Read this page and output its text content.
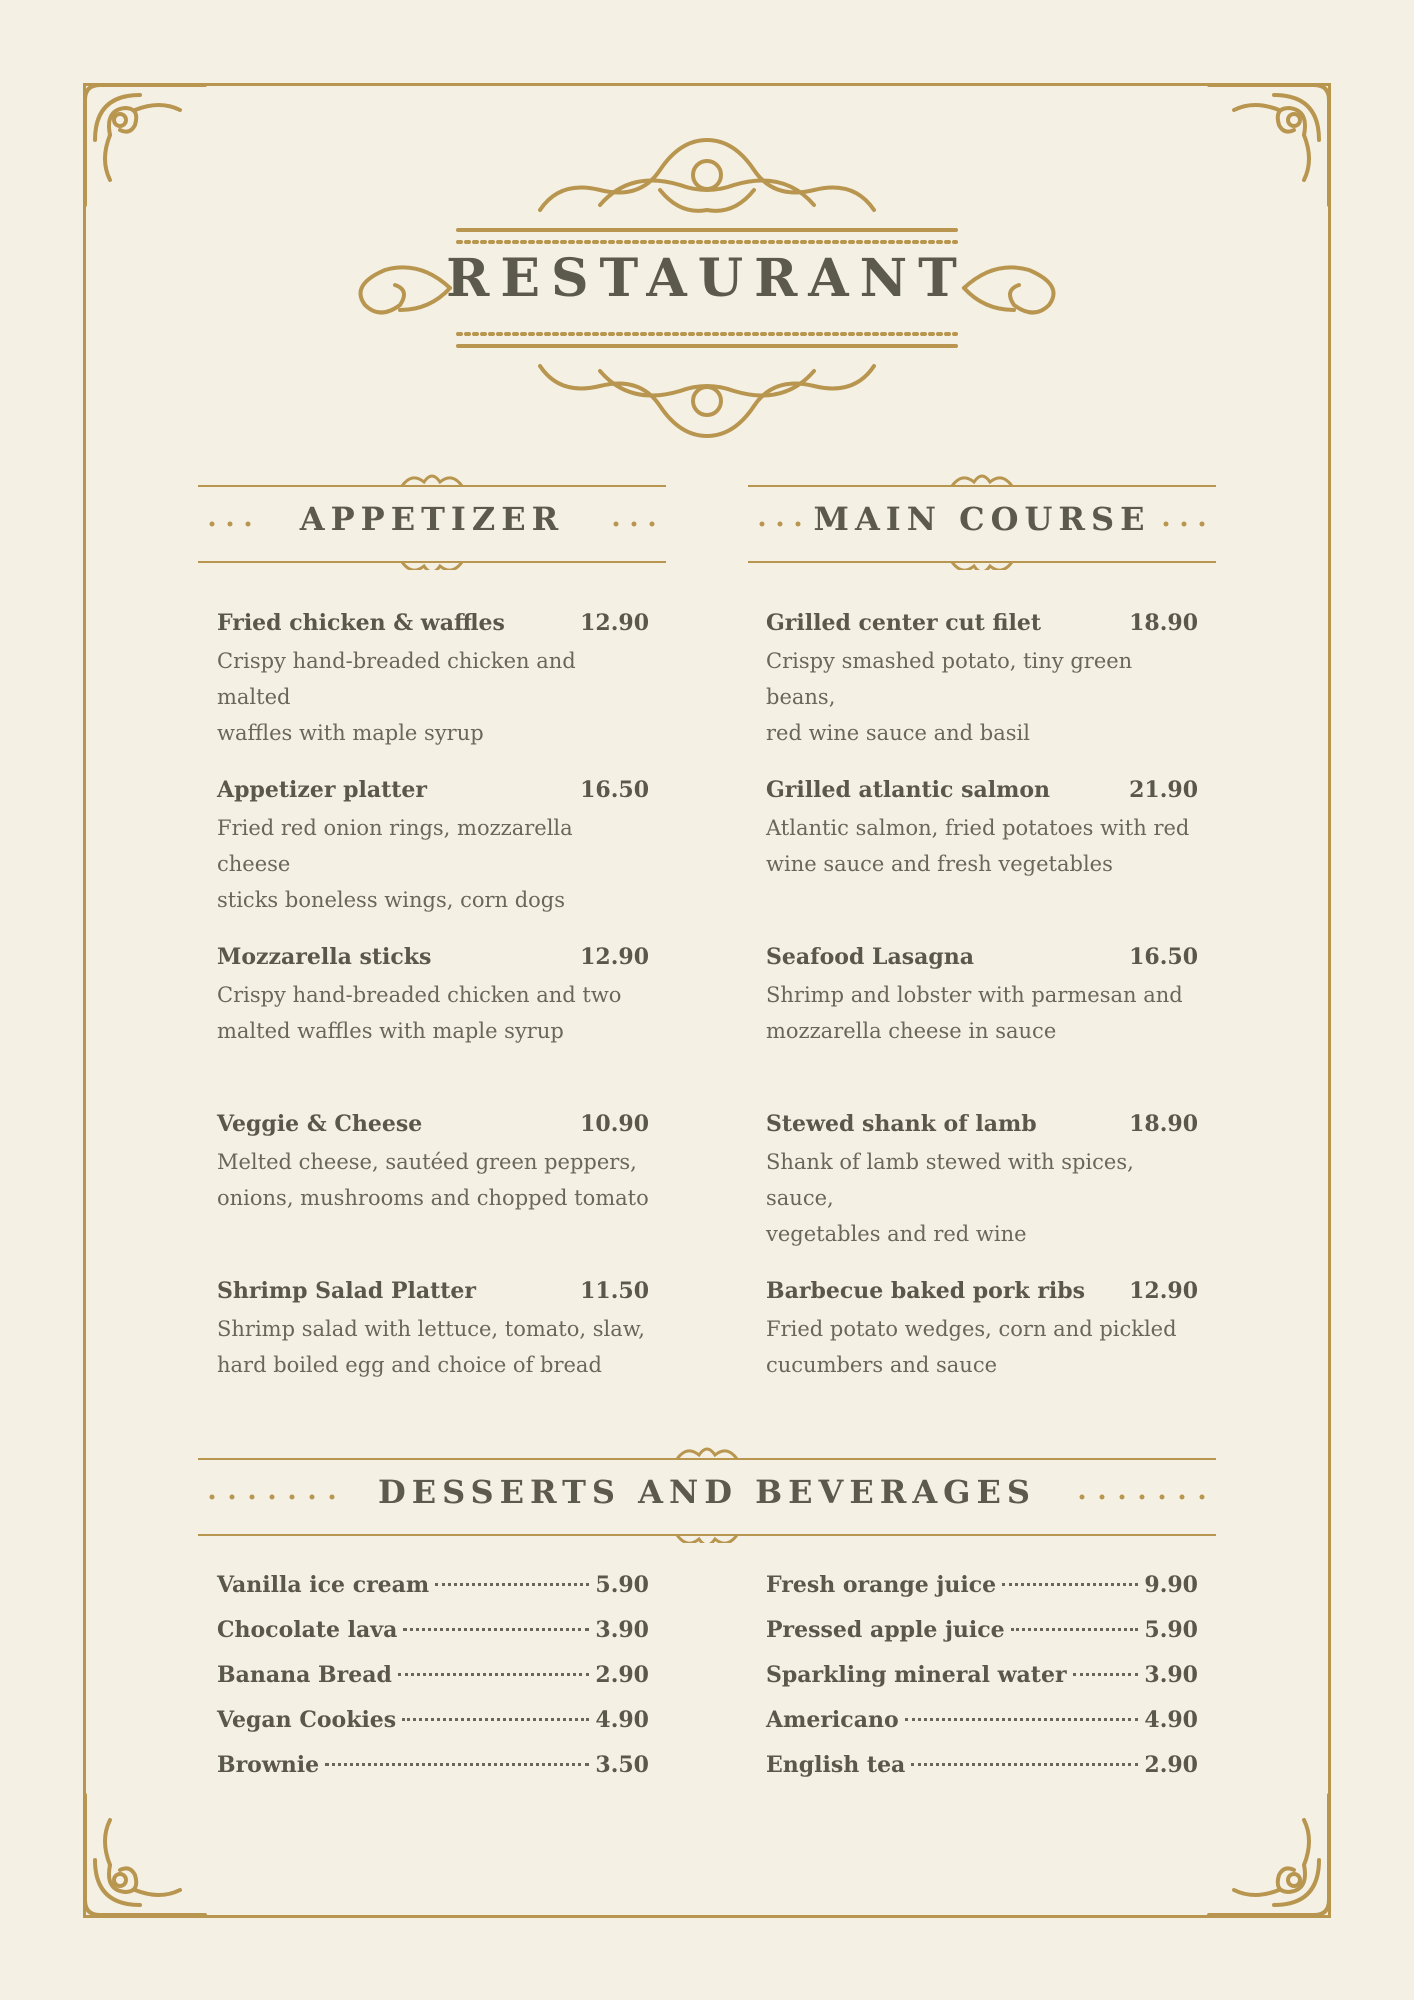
RESTAURANT
APPETIZER	MAIN COURSE
Fried chicken & waffles	12.90
Crispy hand-breaded chicken and malted
waffles with maple syrup
Appetizer platter	16.50
Fried red onion rings, mozzarella cheese
sticks boneless wings, corn dogs
Mozzarella sticks	12.90
Crispy hand-breaded chicken and two
malted waffles with maple syrup
Veggie & Cheese	10.90
Melted cheese, sautéed green peppers,
onions, mushrooms and chopped tomato
Shrimp Salad Platter	11.50
Shrimp salad with lettuce, tomato, slaw,
hard boiled egg and choice of bread
Grilled center cut filet	18.90
Crispy smashed potato, tiny green beans,
red wine sauce and basil
Grilled atlantic salmon	21.90
Atlantic salmon, fried potatoes with red
wine sauce and fresh vegetables
Seafood Lasagna	16.50
Shrimp and lobster with parmesan and
mozzarella cheese in sauce
Stewed shank of lamb	18.90
Shank of lamb stewed with spices, sauce,
vegetables and red wine
Barbecue baked pork ribs 12.90
Fried potato wedges, corn and pickled
cucumbers and sauce
DESSERTS AND BEVERAGES
Vanilla ice cream	5.90
Chocolate lava	3.90
Banana Bread	2.90
Vegan Cookies	4.90
Brownie	3.50
Fresh orange juice	9.90
Pressed apple juice	5.90
Sparkling mineral water	3.90
Americano	4.90
English tea	2.90
